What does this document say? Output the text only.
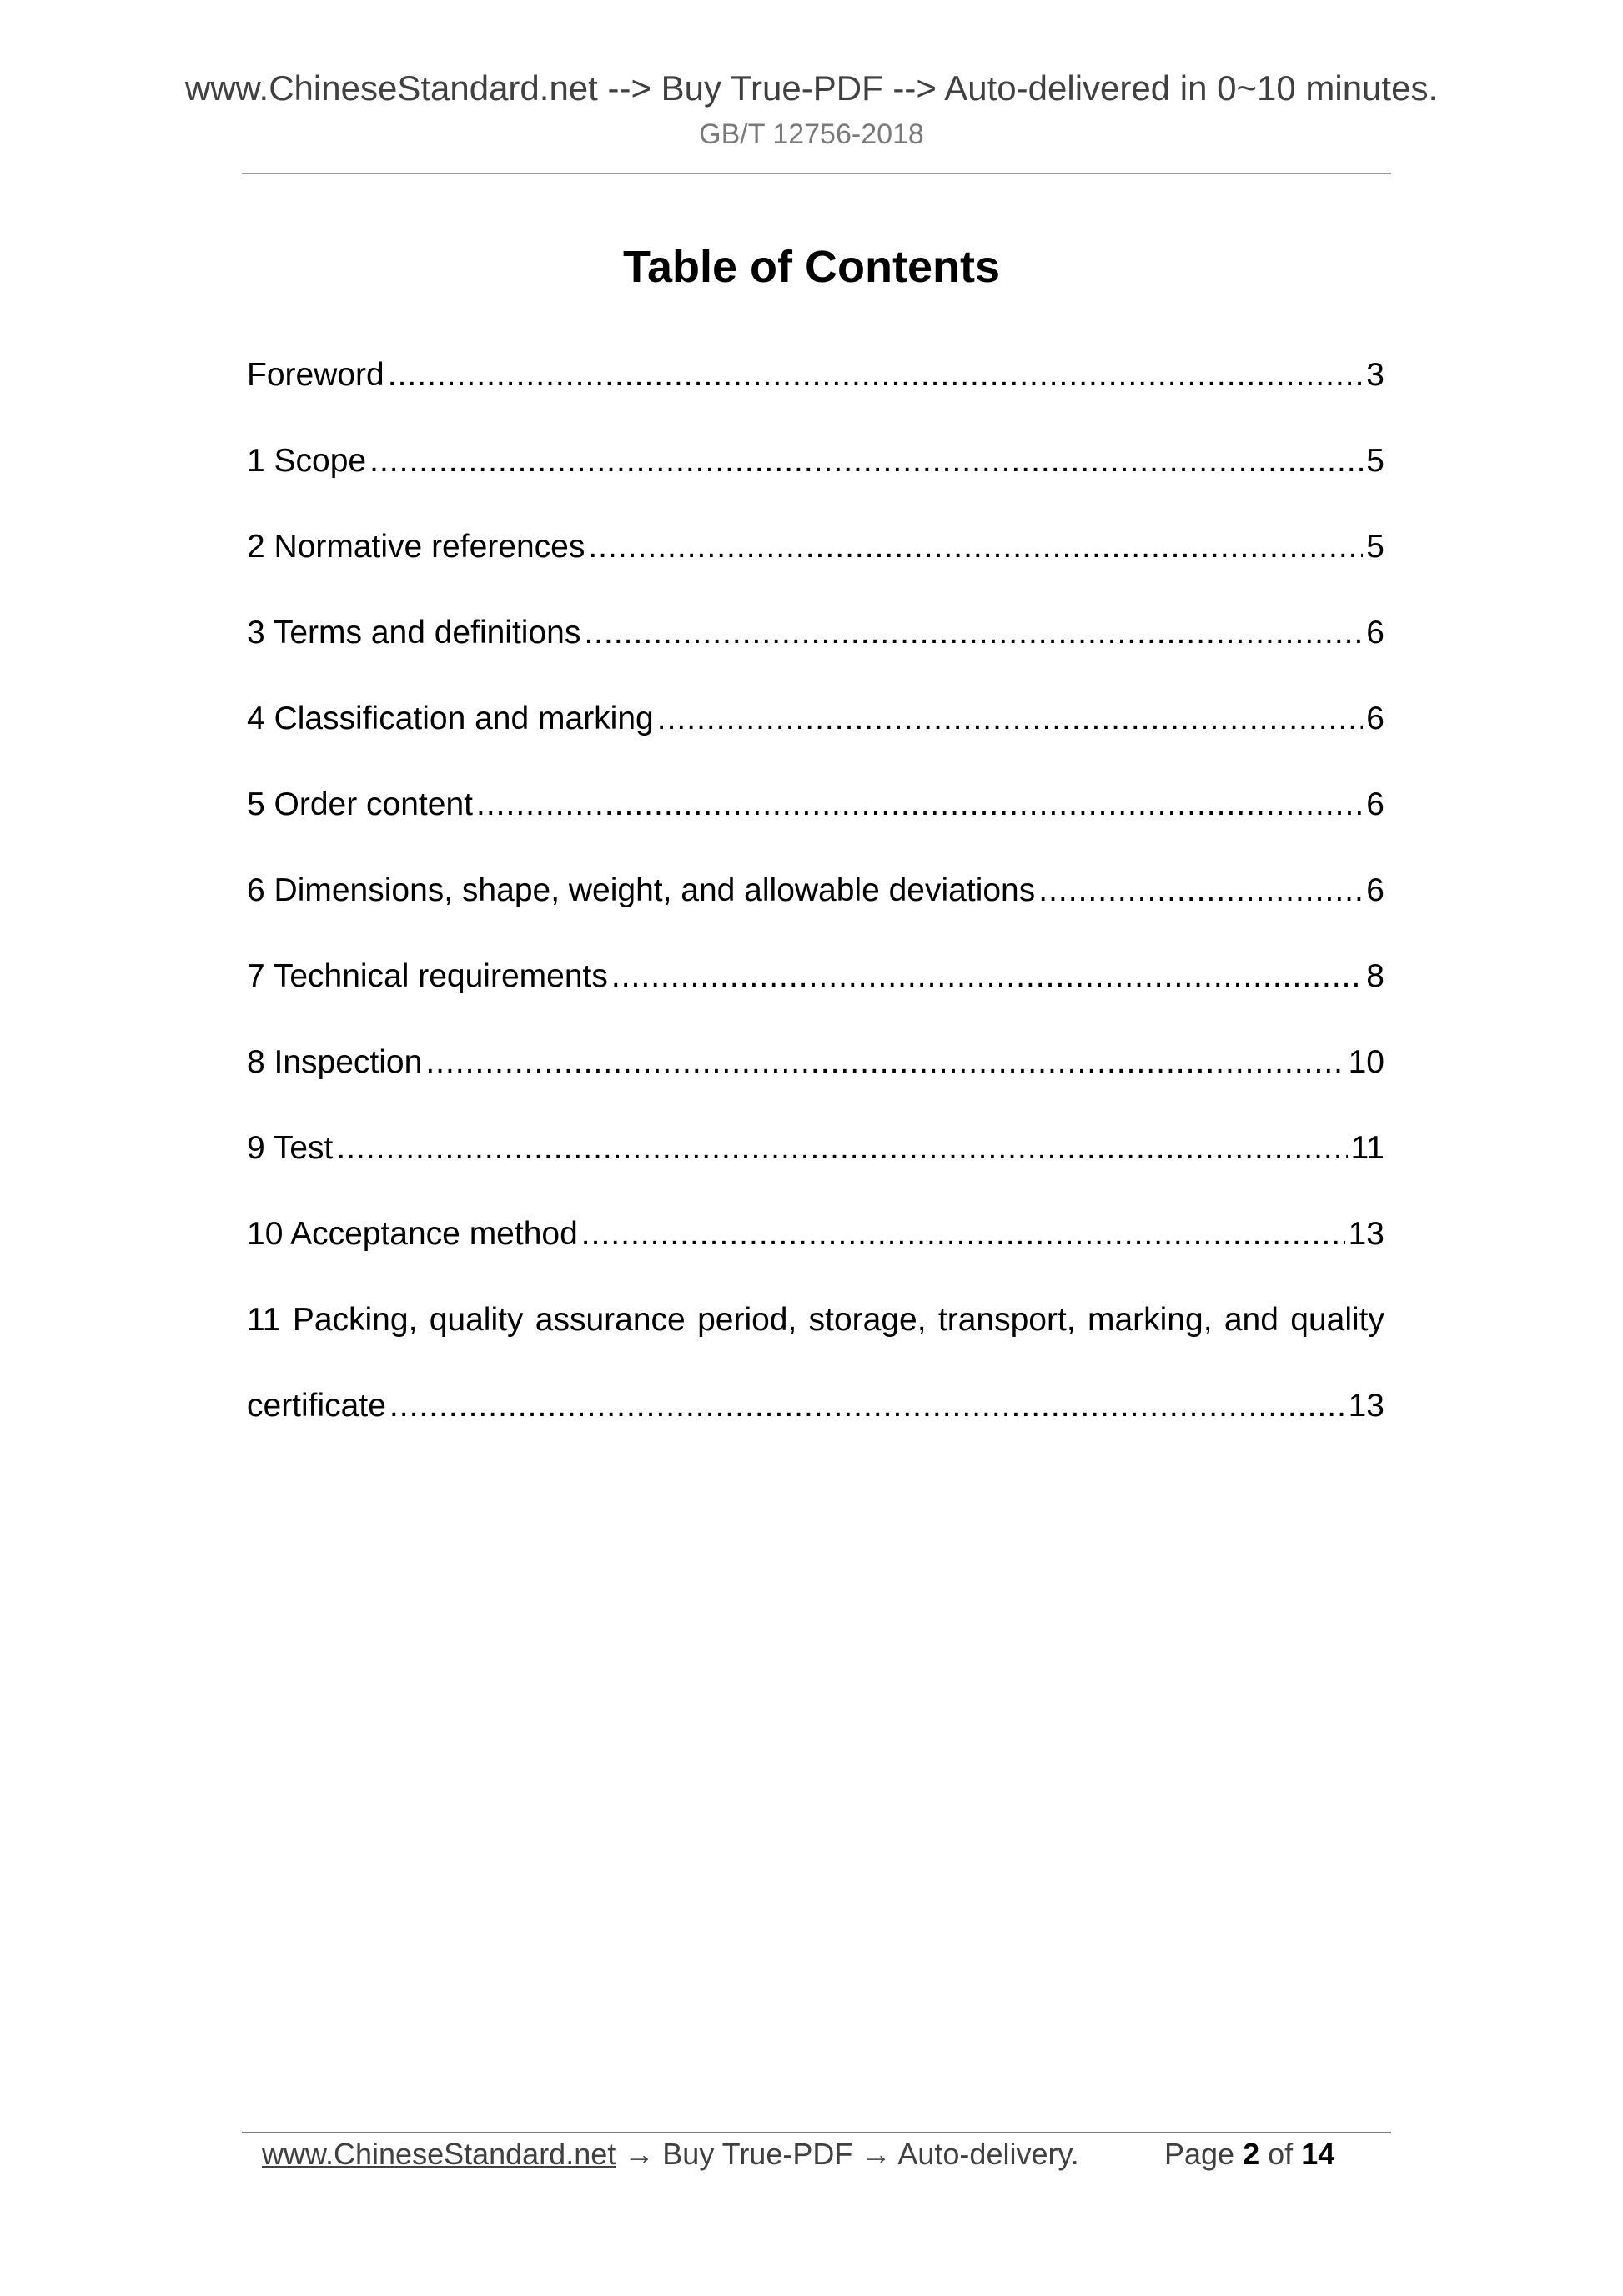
www.ChineseStandard.net --> Buy True-PDF --> Auto-delivered in 0~10 minutes.
GB/T 12756-2018
Table of Contents
Foreword .....	3
1 Scope .....	5
2 Normative references .....	5
3 Terms and definitions .....	6
4 Classification and marking .....	6
5 Order content .....	6
6 Dimensions, shape, weight, and allowable deviations .....	6
7 Technical requirements .....	8
8 Inspection .....	10
9 Test .....	11
10 Acceptance method .....	13
11 Packing, quality assurance period, storage, transport, marking, and quality
certificate .....	13
www.ChineseStandard.net → Buy True-PDF → Auto-delivery.	Page 2 of 14
